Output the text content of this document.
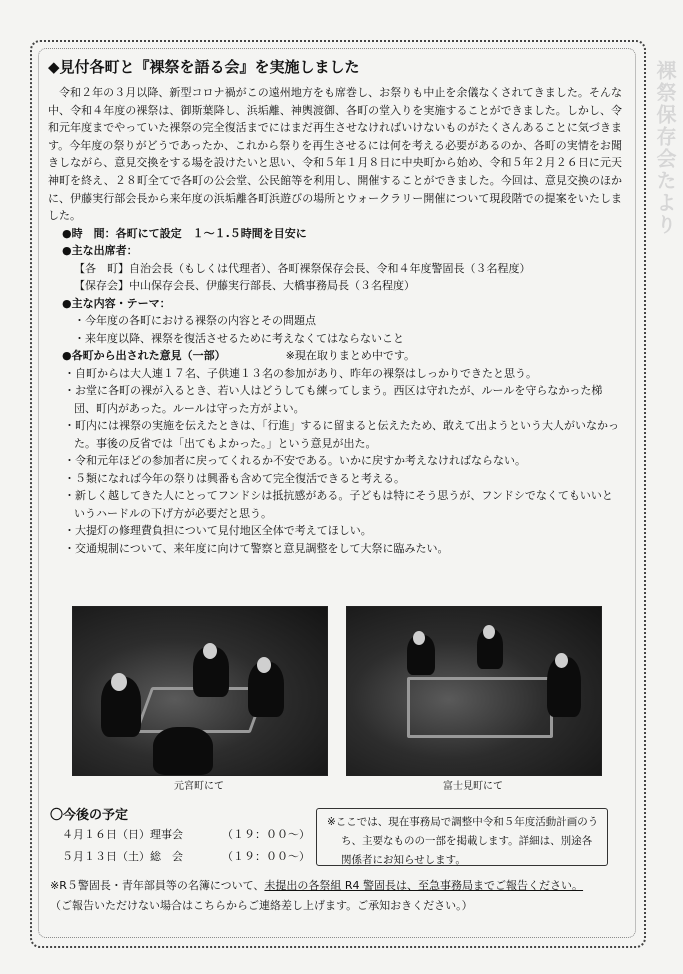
裸祭保存会たより
◆見付各町と『裸祭を語る会』を実施しました

令和２年の３月以降、新型コロナ禍がこの遠州地方をも席巻し、お祭りも中止を余儀なくされてきました。そんな中、令和４年度の裸祭は、御斯葉降し、浜垢離、神輿渡御、各町の堂入りを実施することができました。しかし、令和元年度までやっていた裸祭の完全復活までにはまだ再生させなければいけないものがたくさんあることに気づきます。今年度の祭りがどうであったか、これから祭りを再生させるには何を考える必要があるのか、各町の実情をお聞きしながら、意見交換をする場を設けたいと思い、令和５年１月８日に中央町から始め、令和５年２月２６日に元天神町を終え、２８町全てで各町の公会堂、公民館等を利用し、開催することができました。今回は、意見交換のほかに、伊藤実行部会長から来年度の浜垢離各町浜遊びの場所とウォークラリー開催について現段階での提案をいたしました。

●時　間：各町にて設定　１～１.５時間を目安に

●主な出席者：

【各　町】自治会長（もしくは代理者）、各町裸祭保存会長、令和４年度警固長（３名程度）

【保存会】中山保存会長、伊藤実行部長、大橋事務局長（３名程度）

●主な内容・テーマ：

・今年度の各町における裸祭の内容とその問題点

・来年度以降、裸祭を復活させるために考えなくてはならないこと

●各町から出された意見（一部）	※現在取りまとめ中です。

・自町からは大人連１７名、子供連１３名の参加があり、昨年の裸祭はしっかりできたと思う。

・お堂に各町の裸が入るとき、若い人はどうしても練ってしまう。西区は守れたが、ルールを守らなかった梯団、町内があった。ルールは守った方がよい。

・町内には裸祭の実施を伝えたときは、「行進」するに留まると伝えたため、敢えて出ようという大人がいなかった。事後の反省では「出てもよかった。」という意見が出た。

・令和元年ほどの参加者に戻ってくれるか不安である。いかに戻すか考えなければならない。

・５類になれば今年の祭りは興番も含めて完全復活できると考える。

・新しく越してきた人にとってフンドシは抵抗感がある。子どもは特にそう思うが、フンドシでなくてもいいというハードルの下げ方が必要だと思う。

・大提灯の修理費負担について見付地区全体で考えてほしい。

・交通規制について、来年度に向けて警察と意見調整をして大祭に臨みたい。

元宮町にて	富士見町にて
〇今後の予定
４月１６日（日）理事会	（１９：００～）
５月１３日（土）総　会	（１９：００～）
※ここでは、現在事務局で調整中令和５年度活動計画のうち、主要なものの一部を掲載します。詳細は、別途各関係者にお知らせします。
※R５警固長・青年部員等の名簿について、未提出の各祭組 R4 警固長は、至急事務局までご報告ください。
（ご報告いただけない場合はこちらからご連絡差し上げます。ご承知おきください。）
